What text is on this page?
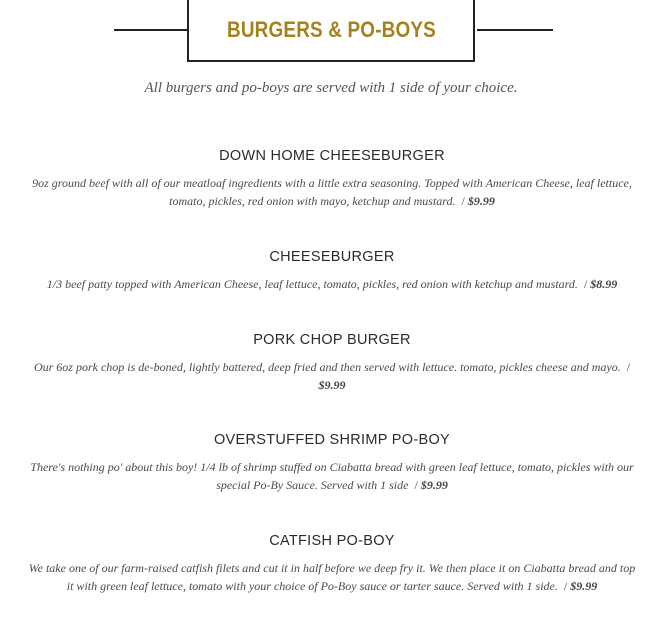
BURGERS & PO-BOYS
All burgers and po-boys are served with 1 side of your choice.
DOWN HOME CHEESEBURGER
9oz ground beef with all of our meatloaf ingredients with a little extra seasoning. Topped with American Cheese, leaf lettuce, tomato, pickles, red onion with mayo, ketchup and mustard. / $9.99
CHEESEBURGER
1/3 beef patty topped with American Cheese, leaf lettuce, tomato, pickles, red onion with ketchup and mustard. / $8.99
PORK CHOP BURGER
Our 6oz pork chop is de-boned, lightly battered, deep fried and then served with lettuce. tomato, pickles cheese and mayo. / $9.99
OVERSTUFFED SHRIMP PO-BOY
There's nothing po' about this boy! 1/4 lb of shrimp stuffed on Ciabatta bread with green leaf lettuce, tomato, pickles with our special Po-By Sauce. Served with 1 side / $9.99
CATFISH PO-BOY
We take one of our farm-raised catfish filets and cut it in half before we deep fry it. We then place it on Ciabatta bread and top it with green leaf lettuce, tomato with your choice of Po-Boy sauce or tarter sauce. Served with 1 side. / $9.99
